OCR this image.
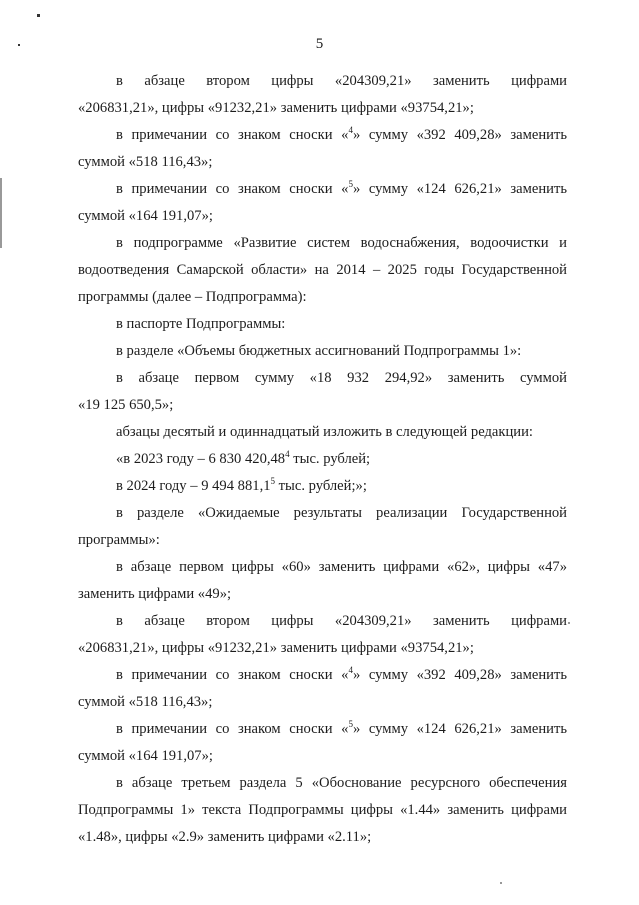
5
в абзаце втором цифры «204309,21» заменить цифрами
«206831,21», цифры «91232,21» заменить цифрами «93754,21»;
в примечании со знаком сноски «$^4$» сумму «392 409,28» заменить
суммой «518 116,43»;
в примечании со знаком сноски «$^5$» сумму «124 626,21» заменить
суммой «164 191,07»;
в подпрограмме «Развитие систем водоснабжения, водоочистки и
водоотведения Самарской области» на 2014 – 2025 годы Государственной
программы (далее – Подпрограмма):
в паспорте Подпрограммы:
в разделе «Объемы бюджетных ассигнований Подпрограммы 1»:
в абзаце первом сумму «18 932 294,92» заменить суммой
«19 125 650,5»;
абзацы десятый и одиннадцатый изложить в следующей редакции:
«в 2023 году – 6 830 420,48$^4$ тыс. рублей;
в 2024 году – 9 494 881,1$^5$ тыс. рублей;»;
в разделе «Ожидаемые результаты реализации Государственной
программы»:
в абзаце первом цифры «60» заменить цифрами «62», цифры «47»
заменить цифрами «49»;
в абзаце втором цифры «204309,21» заменить цифрами
«206831,21», цифры «91232,21» заменить цифрами «93754,21»;
в примечании со знаком сноски «$^4$» сумму «392 409,28» заменить
суммой «518 116,43»;
в примечании со знаком сноски «$^5$» сумму «124 626,21» заменить
суммой «164 191,07»;
в абзаце третьем раздела 5 «Обоснование ресурсного обеспечения
Подпрограммы 1» текста Подпрограммы цифры «1.44» заменить цифрами
«1.48», цифры «2.9» заменить цифрами «2.11»;
